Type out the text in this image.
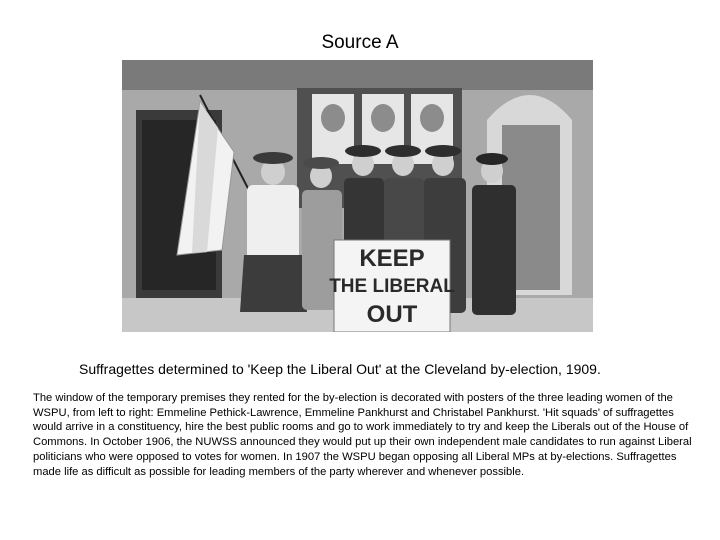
Source A
KEEP
THE LIBERAL
OUT
Suffragettes determined to 'Keep the Liberal Out' at the Cleveland by-election, 1909.
The window of the temporary premises they rented for the by-election is decorated with posters of the three leading women of the WSPU, from left to right: Emmeline Pethick-Lawrence, Emmeline Pankhurst and Christabel Pankhurst. 'Hit squads' of suffragettes would arrive in a constituency, hire the best public rooms and go to work immediately to try and keep the Liberals out of the House of Commons. In October 1906, the NUWSS announced they would put up their own independent male candidates to run against Liberal politicians who were opposed to votes for women. In 1907 the WSPU began opposing all Liberal MPs at by-elections. Suffragettes made life as difficult as possible for leading members of the party wherever and whenever possible.
